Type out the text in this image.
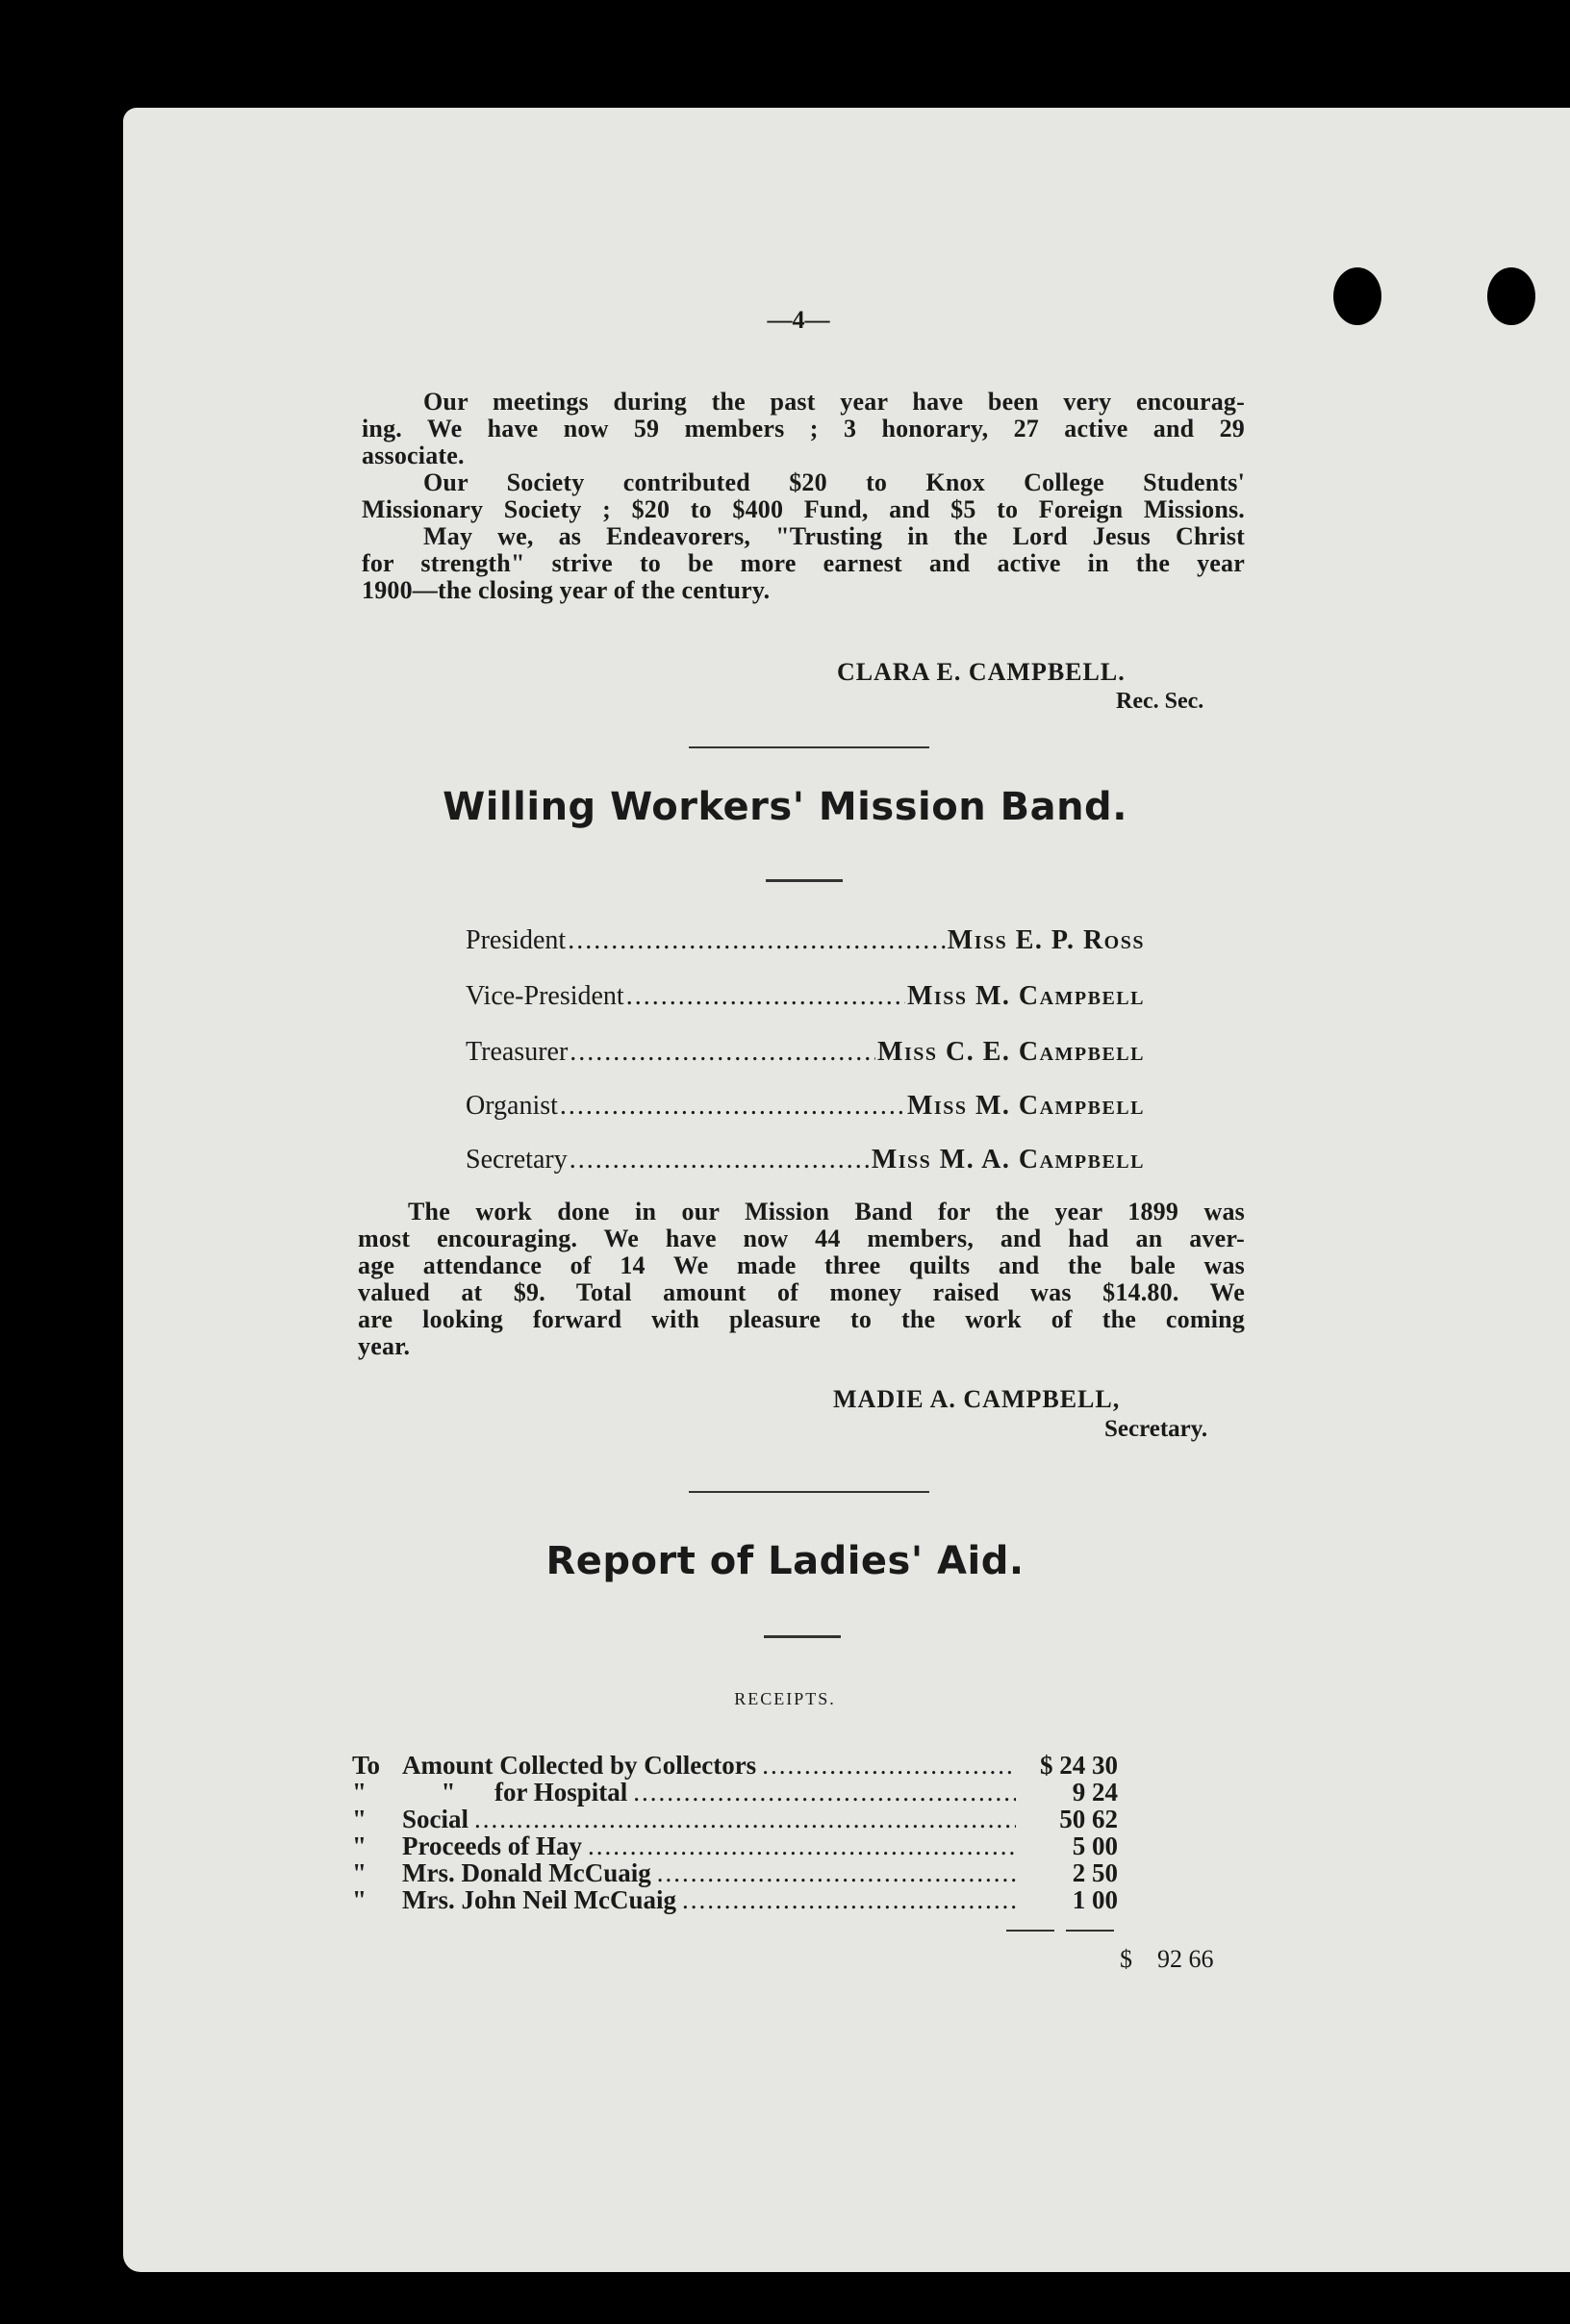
—4—
Our meetings during the past year have been very encourag-
ing. We have now 59 members ; 3 honorary, 27 active and 29
associate.
Our Society contributed $20 to Knox College Students'
Missionary Society ; $20 to $400 Fund, and $5 to Foreign Missions.
May we, as Endeavorers, "Trusting in the Lord Jesus Christ
for strength" strive to be more earnest and active in the year
1900—the closing year of the century.
CLARA E. CAMPBELL.
Rec. Sec.
Willing Workers' Mission Band.
President .....	Miss E. P. Ross
Vice-President .....	Miss M. Campbell
Treasurer .....	Miss C. E. Campbell
Organist .....	Miss M. Campbell
Secretary .....	Miss M. A. Campbell
The work done in our Mission Band for the year 1899 was
most encouraging. We have now 44 members, and had an aver-
age attendance of 14 We made three quilts and the bale was
valued at $9. Total amount of money raised was $14.80. We
are looking forward with pleasure to the work of the coming
year.
MADIE A. CAMPBELL,
Secretary.
Report of Ladies' Aid.
RECEIPTS.
To Amount Collected by Collectors .....	$ 24 30
"	"      for Hospital .....	9 24
"	Social .....	50 62
"	Proceeds of Hay .....	5 00
"	Mrs. Donald McCuaig .....	2 50
"	Mrs. John Neil McCuaig .....	1 00
$    92 66
